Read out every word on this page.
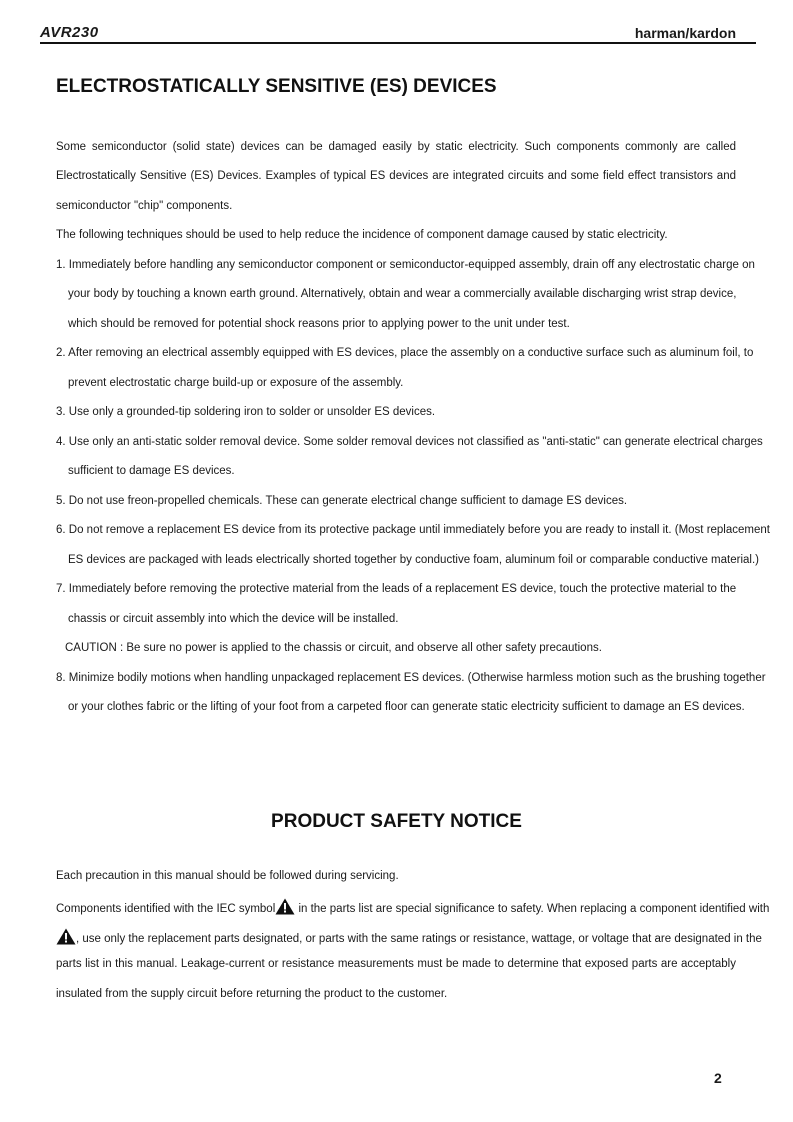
AVR230	harman/kardon
ELECTROSTATICALLY SENSITIVE (ES) DEVICES
Some semiconductor (solid state) devices can be damaged easily by static electricity. Such components commonly are called
Electrostatically Sensitive (ES) Devices. Examples of typical ES devices are integrated circuits and some field effect transistors and
semiconductor "chip" components.
The following techniques should be used to help reduce the incidence of component damage caused by static electricity.
1. Immediately before handling any semiconductor component or semiconductor-equipped assembly, drain off any electrostatic charge on
your body by touching a known earth ground. Alternatively, obtain and wear a commercially available discharging wrist strap device,
which should be removed for potential shock reasons prior to applying power to the unit under test.
2. After removing an electrical assembly equipped with ES devices, place the assembly on a conductive surface such as aluminum foil, to
prevent electrostatic charge build-up or exposure of the assembly.
3. Use only a grounded-tip soldering iron to solder or unsolder ES devices.
4. Use only an anti-static solder removal device. Some solder removal devices not classified as "anti-static" can generate electrical charges
sufficient to damage ES devices.
5. Do not use freon-propelled chemicals. These can generate electrical change sufficient to damage ES devices.
6. Do not remove a replacement ES device from its protective package until immediately before you are ready to install it. (Most replacement
ES devices are packaged with leads electrically shorted together by conductive foam, aluminum foil or comparable conductive material.)
7. Immediately before removing the protective material from the leads of a replacement ES device, touch the protective material to the
chassis or circuit assembly into which the device will be installed.
CAUTION : Be sure no power is applied to the chassis or circuit, and observe all other safety precautions.
8. Minimize bodily motions when handling unpackaged replacement ES devices. (Otherwise harmless motion such as the brushing together
or your clothes fabric or the lifting of your foot from a carpeted floor can generate static electricity sufficient to damage an ES devices.
PRODUCT SAFETY NOTICE
Each precaution in this manual should be followed during servicing.
Components identified with the IEC symbol in the parts list are special significance to safety. When replacing a component identified with
, use only the replacement parts designated, or parts with the same ratings or resistance, wattage, or voltage that are designated in the
parts list in this manual. Leakage-current or resistance measurements must be made to determine that exposed parts are acceptably
insulated from the supply circuit before returning the product to the customer.
2
